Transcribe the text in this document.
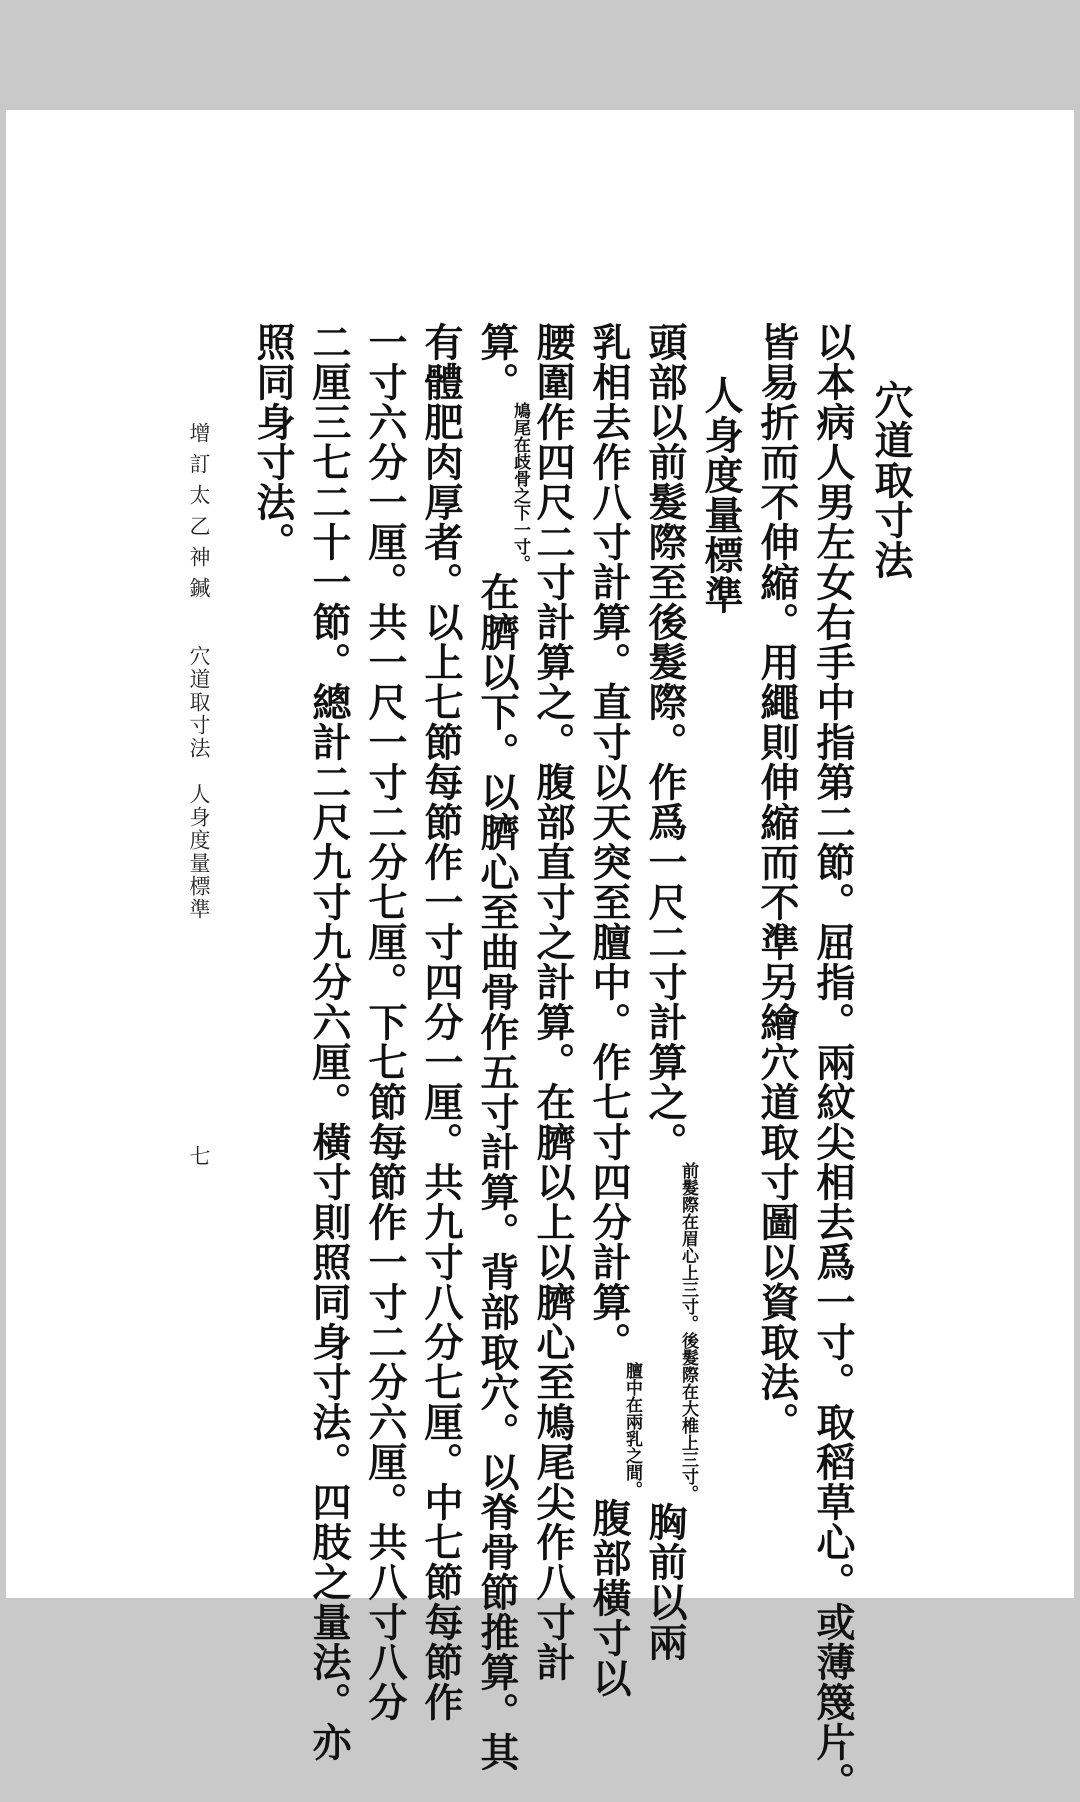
穴道取寸法
以本病人男左女右手中指第二節。屈指。兩紋尖相去爲一寸。取稻草心。或薄篾片。
皆易折而不伸縮。用繩則伸縮而不準另繪穴道取寸圖以資取法。
人身度量標準
頭部以前髮際至後髮際。作爲一尺二寸計算之。前髮際在眉心上三寸。後髮際在大椎上三寸。胸前以兩
乳相去作八寸計算。直寸以天突至膻中。作七寸四分計算。膻中在兩乳之間。腹部橫寸以
腰圍作四尺二寸計算之。腹部直寸之計算。在臍以上以臍心至鳩尾尖作八寸計
算。鳩尾在歧骨之下一寸。在臍以下。以臍心至曲骨作五寸計算。背部取穴。以脊骨節推算。其
有體肥肉厚者。以上七節每節作一寸四分一厘。共九寸八分七厘。中七節每節作
一寸六分一厘。共一尺一寸二分七厘。下七節每節作一寸二分六厘。共八寸八分
二厘三七二十一節。總計二尺九寸九分六厘。橫寸則照同身寸法。四肢之量法。亦
照同身寸法。
增訂太乙神鍼
穴道取寸法　人身度量標準
七
